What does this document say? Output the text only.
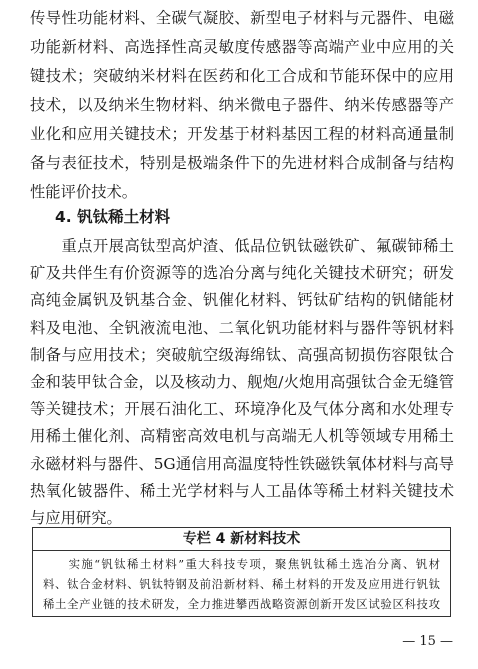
传导性功能材料、全碳气凝胶、新型电子材料与元器件、电磁
功能新材料、高选择性高灵敏度传感器等高端产业中应用的关
键技术；突破纳米材料在医药和化工合成和节能环保中的应用
技术，以及纳米生物材料、纳米微电子器件、纳米传感器等产
业化和应用关键技术；开发基于材料基因工程的材料高通量制
备与表征技术，特别是极端条件下的先进材料合成制备与结构
性能评价技术。
4. 钒钛稀土材料
　　重点开展高钛型高炉渣、低品位钒钛磁铁矿、氟碳铈稀土
矿及共伴生有价资源等的选冶分离与纯化关键技术研究；研发
高纯金属钒及钒基合金、钒催化材料、钙钛矿结构的钒储能材
料及电池、全钒液流电池、二氧化钒功能材料与器件等钒材料
制备与应用技术；突破航空级海绵钛、高强高韧损伤容限钛合
金和装甲钛合金，以及核动力、舰炮/火炮用高强钛合金无缝管
等关键技术；开展石油化工、环境净化及气体分离和水处理专
用稀土催化剂、高精密高效电机与高端无人机等领域专用稀土
永磁材料与器件、5G通信用高温度特性铁磁铁氧体材料与高导
热氧化铍器件、稀土光学材料与人工晶体等稀土材料关键技术
与应用研究。
专栏 4 新材料技术
　　实施“钒钛稀土材料”重大科技专项，聚焦钒钛稀土选冶分离、钒材
料、钛合金材料、钒钛特钢及前沿新材料、稀土材料的开发及应用进行钒钛
稀土全产业链的技术研发，全力推进攀西战略资源创新开发区试验区科技攻
— 15 —
